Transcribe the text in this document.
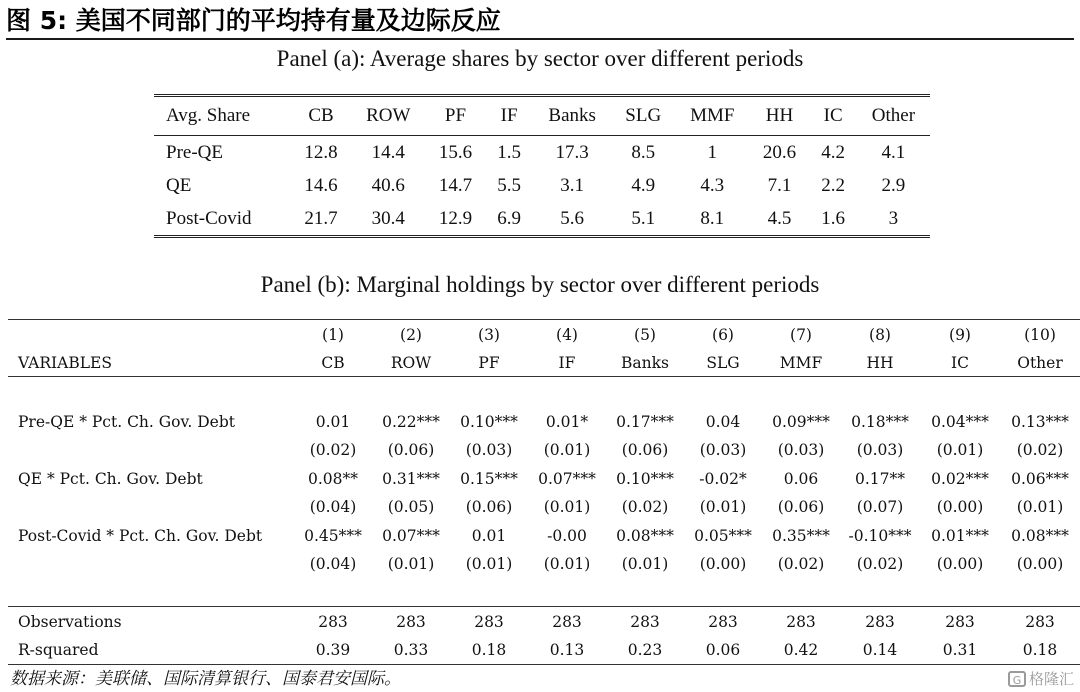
图 5: 美国不同部门的平均持有量及边际反应
Panel (a): Average shares by sector over different periods
Avg. Share	CB	ROW	PF	IF	Banks	SLG	MMF	HH	IC	Other
Pre-QE	12.8	14.4	15.6	1.5	17.3	8.5	1	20.6	4.2	4.1
QE	14.6	40.6	14.7	5.5	3.1	4.9	4.3	7.1	2.2	2.9
Post-Covid	21.7	30.4	12.9	6.9	5.6	5.1	8.1	4.5	1.6	3
Panel (b): Marginal holdings by sector over different periods
	(1)	(2)	(3)	(4)	(5)	(6)	(7)	(8)	(9)	(10)
VARIABLES	CB	ROW	PF	IF	Banks	SLG	MMF	HH	IC	Other

Pre-QE * Pct. Ch. Gov. Debt	0.01	0.22***	0.10***	0.01*	0.17***	0.04	0.09***	0.18***	0.04***	0.13***
	(0.02)	(0.06)	(0.03)	(0.01)	(0.06)	(0.03)	(0.03)	(0.03)	(0.01)	(0.02)
QE * Pct. Ch. Gov. Debt	0.08**	0.31***	0.15***	0.07***	0.10***	-0.02*	0.06	0.17**	0.02***	0.06***
	(0.04)	(0.05)	(0.06)	(0.01)	(0.02)	(0.01)	(0.06)	(0.07)	(0.00)	(0.01)
Post-Covid * Pct. Ch. Gov. Debt	0.45***	0.07***	0.01	-0.00	0.08***	0.05***	0.35***	-0.10***	0.01***	0.08***
	(0.04)	(0.01)	(0.01)	(0.01)	(0.01)	(0.00)	(0.02)	(0.02)	(0.00)	(0.00)

Observations	283	283	283	283	283	283	283	283	283	283
R-squared	0.39	0.33	0.18	0.13	0.23	0.06	0.42	0.14	0.31	0.18
数据来源：美联储、国际清算银行、国泰君安国际。	G 格隆汇
